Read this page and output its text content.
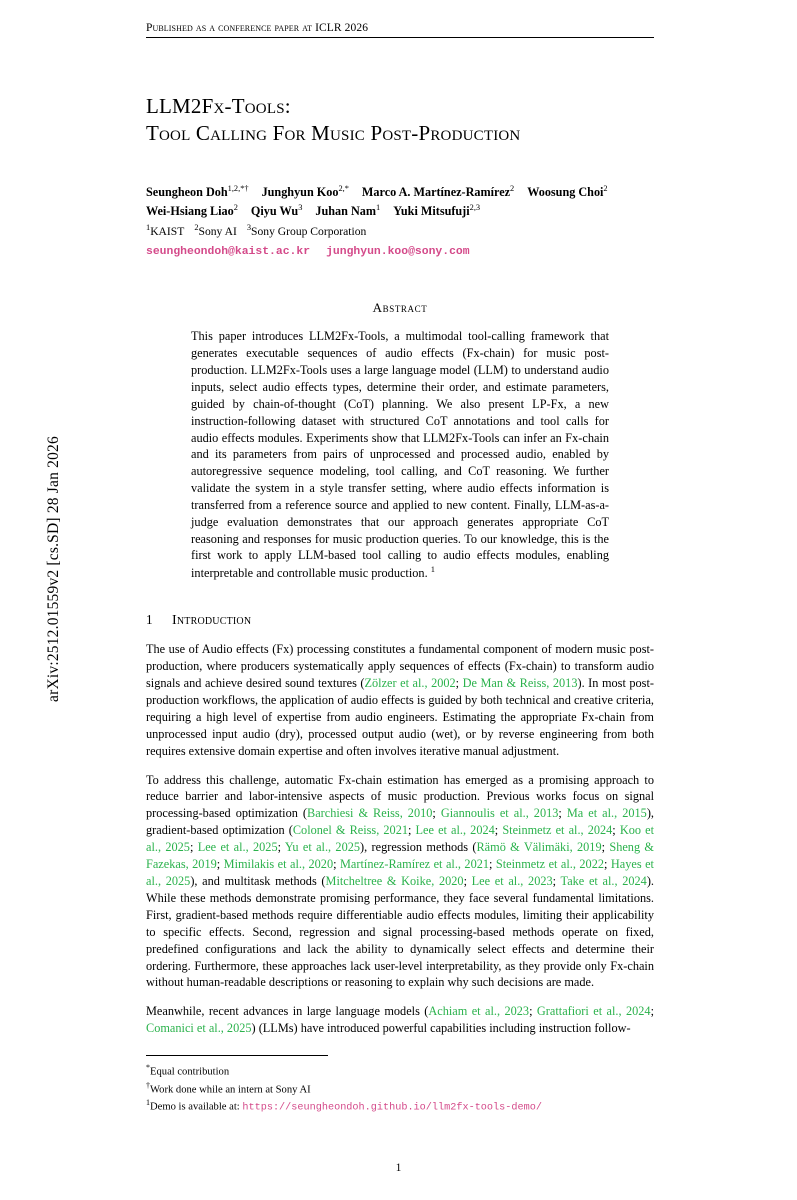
arXiv:2512.01559v2 [cs.SD] 28 Jan 2026
Published as a conference paper at ICLR 2026
LLM2Fx-Tools:
Tool Calling For Music Post-Production
Seungheon Doh$^{1,2,*\dagger}$ Junghyun Koo$^{2,*}$ Marco A. Martínez-Ramírez$^2$ Woosung Choi$^2$
Wei-Hsiang Liao$^2$ Qiyu Wu$^3$ Juhan Nam$^1$ Yuki Mitsufuji$^{2,3}$
$^1$KAIST $^2$Sony AI $^3$Sony Group Corporation
seungheondoh@kaist.ac.kr junghyun.koo@sony.com
Abstract
This paper introduces LLM2Fx-Tools, a multimodal tool-calling framework that generates executable sequences of audio effects (Fx-chain) for music post-production. LLM2Fx-Tools uses a large language model (LLM) to understand audio inputs, select audio effects types, determine their order, and estimate parameters, guided by chain-of-thought (CoT) planning. We also present LP-Fx, a new instruction-following dataset with structured CoT annotations and tool calls for audio effects modules. Experiments show that LLM2Fx-Tools can infer an Fx-chain and its parameters from pairs of unprocessed and processed audio, enabled by autoregressive sequence modeling, tool calling, and CoT reasoning. We further validate the system in a style transfer setting, where audio effects information is transferred from a reference source and applied to new content. Finally, LLM-as-a-judge evaluation demonstrates that our approach generates appropriate CoT reasoning and responses for music production queries. To our knowledge, this is the first work to apply LLM-based tool calling to audio effects modules, enabling interpretable and controllable music production. $^1$
1 Introduction

The use of Audio effects (Fx) processing constitutes a fundamental component of modern music post-production, where producers systematically apply sequences of effects (Fx-chain) to transform audio signals and achieve desired sound textures (Zölzer et al., 2002; De Man & Reiss, 2013). In most post-production workflows, the application of audio effects is guided by both technical and creative criteria, requiring a high level of expertise from audio engineers. Estimating the appropriate Fx-chain from unprocessed input audio (dry), processed output audio (wet), or by reverse engineering from both requires extensive domain expertise and often involves iterative manual adjustment.

To address this challenge, automatic Fx-chain estimation has emerged as a promising approach to reduce barrier and labor-intensive aspects of music production. Previous works focus on signal processing-based optimization (Barchiesi & Reiss, 2010; Giannoulis et al., 2013; Ma et al., 2015), gradient-based optimization (Colonel & Reiss, 2021; Lee et al., 2024; Steinmetz et al., 2024; Koo et al., 2025; Lee et al., 2025; Yu et al., 2025), regression methods (Rämö & Välimäki, 2019; Sheng & Fazekas, 2019; Mimilakis et al., 2020; Martínez-Ramírez et al., 2021; Steinmetz et al., 2022; Hayes et al., 2025), and multitask methods (Mitcheltree & Koike, 2020; Lee et al., 2023; Take et al., 2024). While these methods demonstrate promising performance, they face several fundamental limitations. First, gradient-based methods require differentiable audio effects modules, limiting their applicability to specific effects. Second, regression and signal processing-based methods operate on fixed, predefined configurations and lack the ability to dynamically select effects and determine their ordering. Furthermore, these approaches lack user-level interpretability, as they provide only Fx-chain without human-readable descriptions or reasoning to explain why such decisions are made.

Meanwhile, recent advances in large language models (Achiam et al., 2023; Grattafiori et al., 2024; Comanici et al., 2025) (LLMs) have introduced powerful capabilities including instruction follow-

*Equal contribution
†Work done while an intern at Sony AI
$^1$Demo is available at: https://seungheondoh.github.io/llm2fx-tools-demo/
1
